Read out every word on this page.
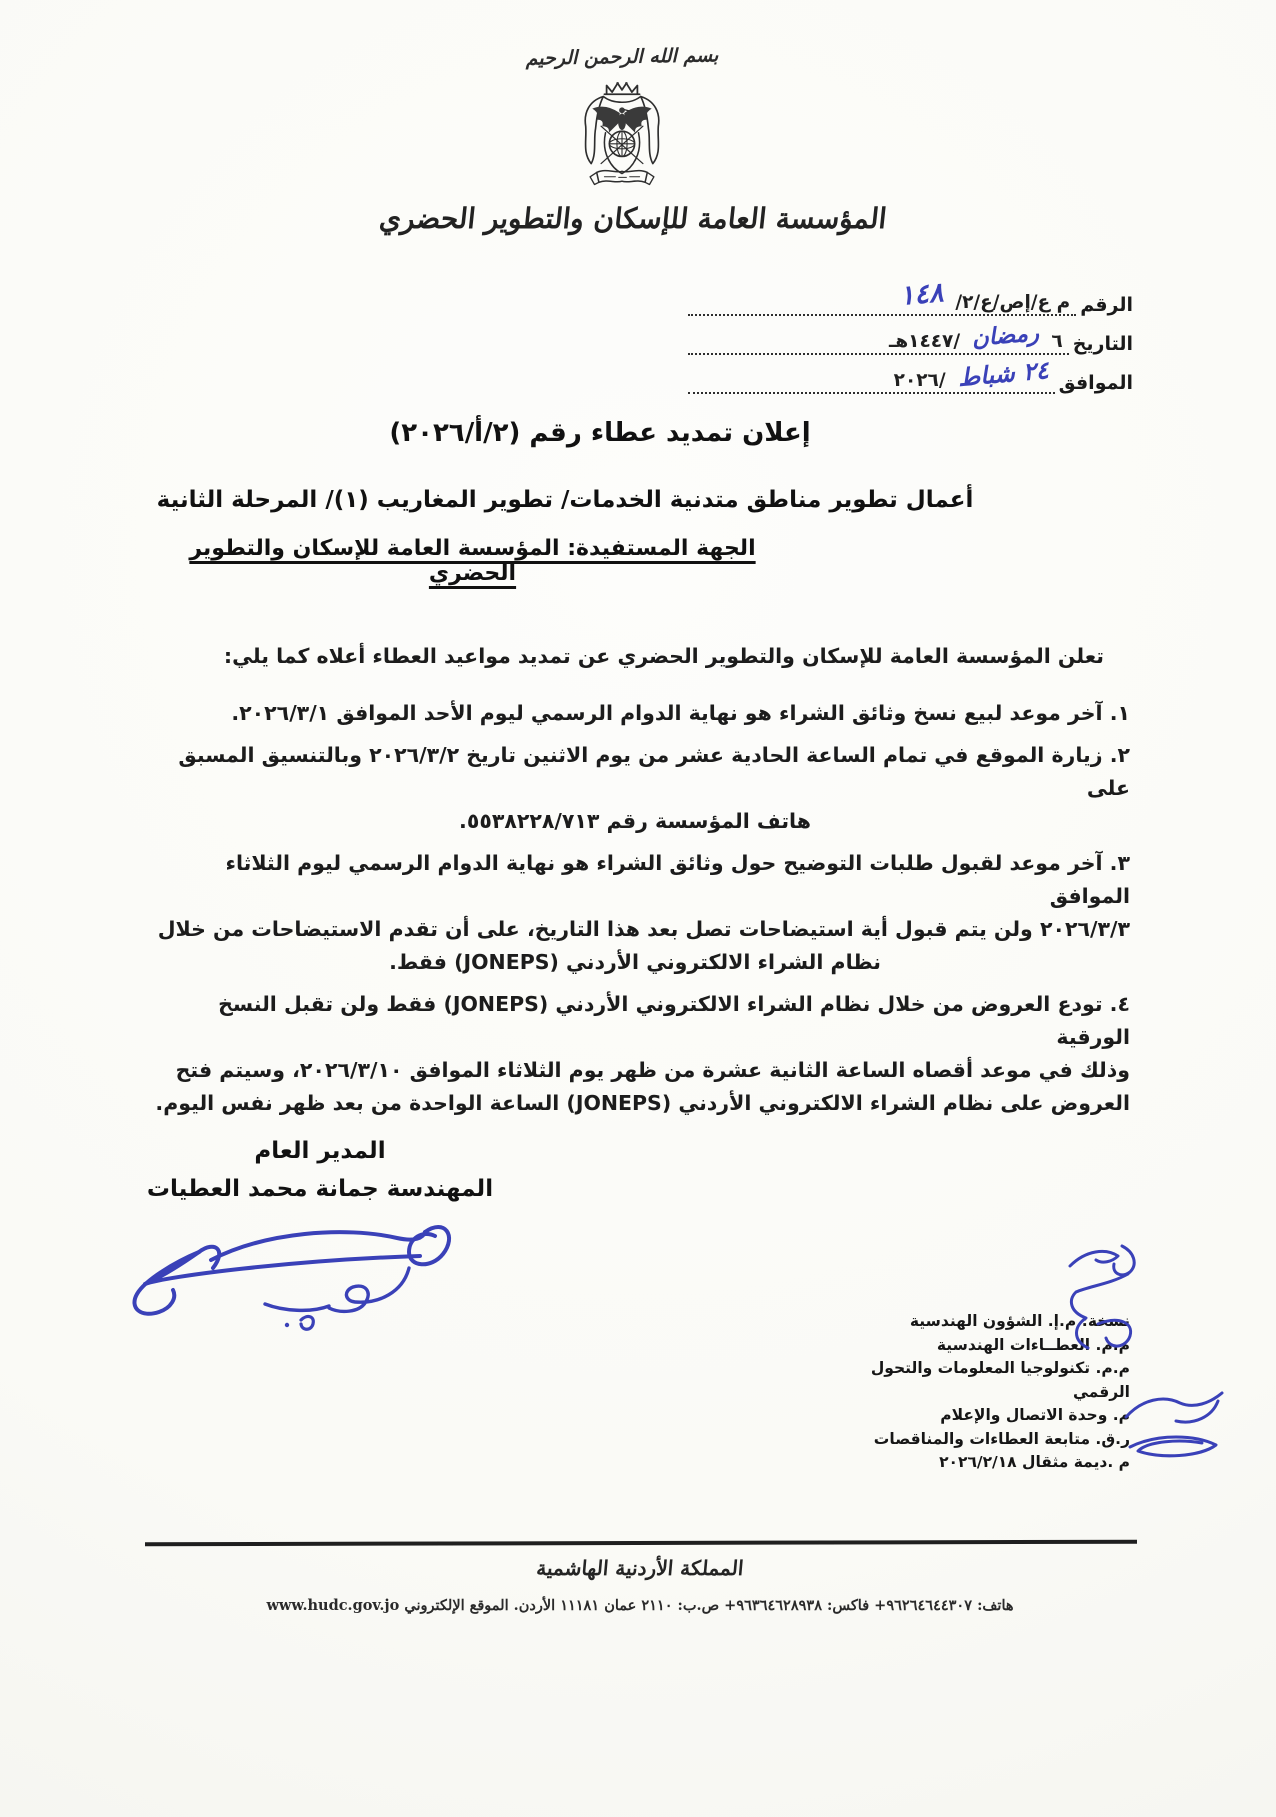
بسم الله الرحمن الرحيم
المؤسسة العامة للإسكان والتطوير الحضري
الرقم
م ع/إص/ع/٢/
١٤٨
التاريخ
٦
رمضان
/١٤٤٧هـ
الموافق
٢٤ شباط
/٢٠٢٦
إعلان تمديد عطاء رقم (٢/أ/٢٠٢٦)
أعمال تطوير مناطق متدنية الخدمات/ تطوير المغاريب (١)/ المرحلة الثانية
الجهة المستفيدة: المؤسسة العامة للإسكان والتطوير الحضري
تعلن المؤسسة العامة للإسكان والتطوير الحضري عن تمديد مواعيد العطاء أعلاه كما يلي:
١. آخر موعد لبيع نسخ وثائق الشراء هو نهاية الدوام الرسمي ليوم الأحد الموافق ٢٠٢٦/٣/١.
٢. زيارة الموقع في تمام الساعة الحادية عشر من يوم الاثنين تاريخ ٢٠٢٦/٣/٢ وبالتنسيق المسبق على
هاتف المؤسسة رقم ٥٥٣٨٢٢٨/٧١٣.
٣. آخر موعد لقبول طلبات التوضيح حول وثائق الشراء هو نهاية الدوام الرسمي ليوم الثلاثاء الموافق
٢٠٢٦/٣/٣ ولن يتم قبول أية استيضاحات تصل بعد هذا التاريخ، على أن تقدم الاستيضاحات من خلال
نظام الشراء الالكتروني الأردني (JONEPS) فقط.
٤. تودع العروض من خلال نظام الشراء الالكتروني الأردني (JONEPS) فقط ولن تقبل النسخ الورقية
وذلك في موعد أقصاه الساعة الثانية عشرة من ظهر يوم الثلاثاء الموافق ٢٠٢٦/٣/١٠، وسيتم فتح
العروض على نظام الشراء الالكتروني الأردني (JONEPS) الساعة الواحدة من بعد ظهر نفس اليوم.
المدير العام
المهندسة جمانة محمد العطيات
نسخة: م.إ. الشؤون الهندسية
م.م. العطــاءات الهندسية
م.م. تكنولوجيا المعلومات والتحول الرقمي
م. وحدة الاتصال والإعلام
ر.ق. متابعة العطاءات والمناقصات
م .ديمة مثقال ٢٠٢٦/٢/١٨
المملكة الأردنية الهاشمية
هاتف: ٩٦٢٦٤٦٤٤٣٠٧+ فاكس: ٩٦٣٦٤٦٢٨٩٣٨+ ص.ب: ٢١١٠ عمان ١١١٨١ الأردن. الموقع الإلكتروني www.hudc.gov.jo
